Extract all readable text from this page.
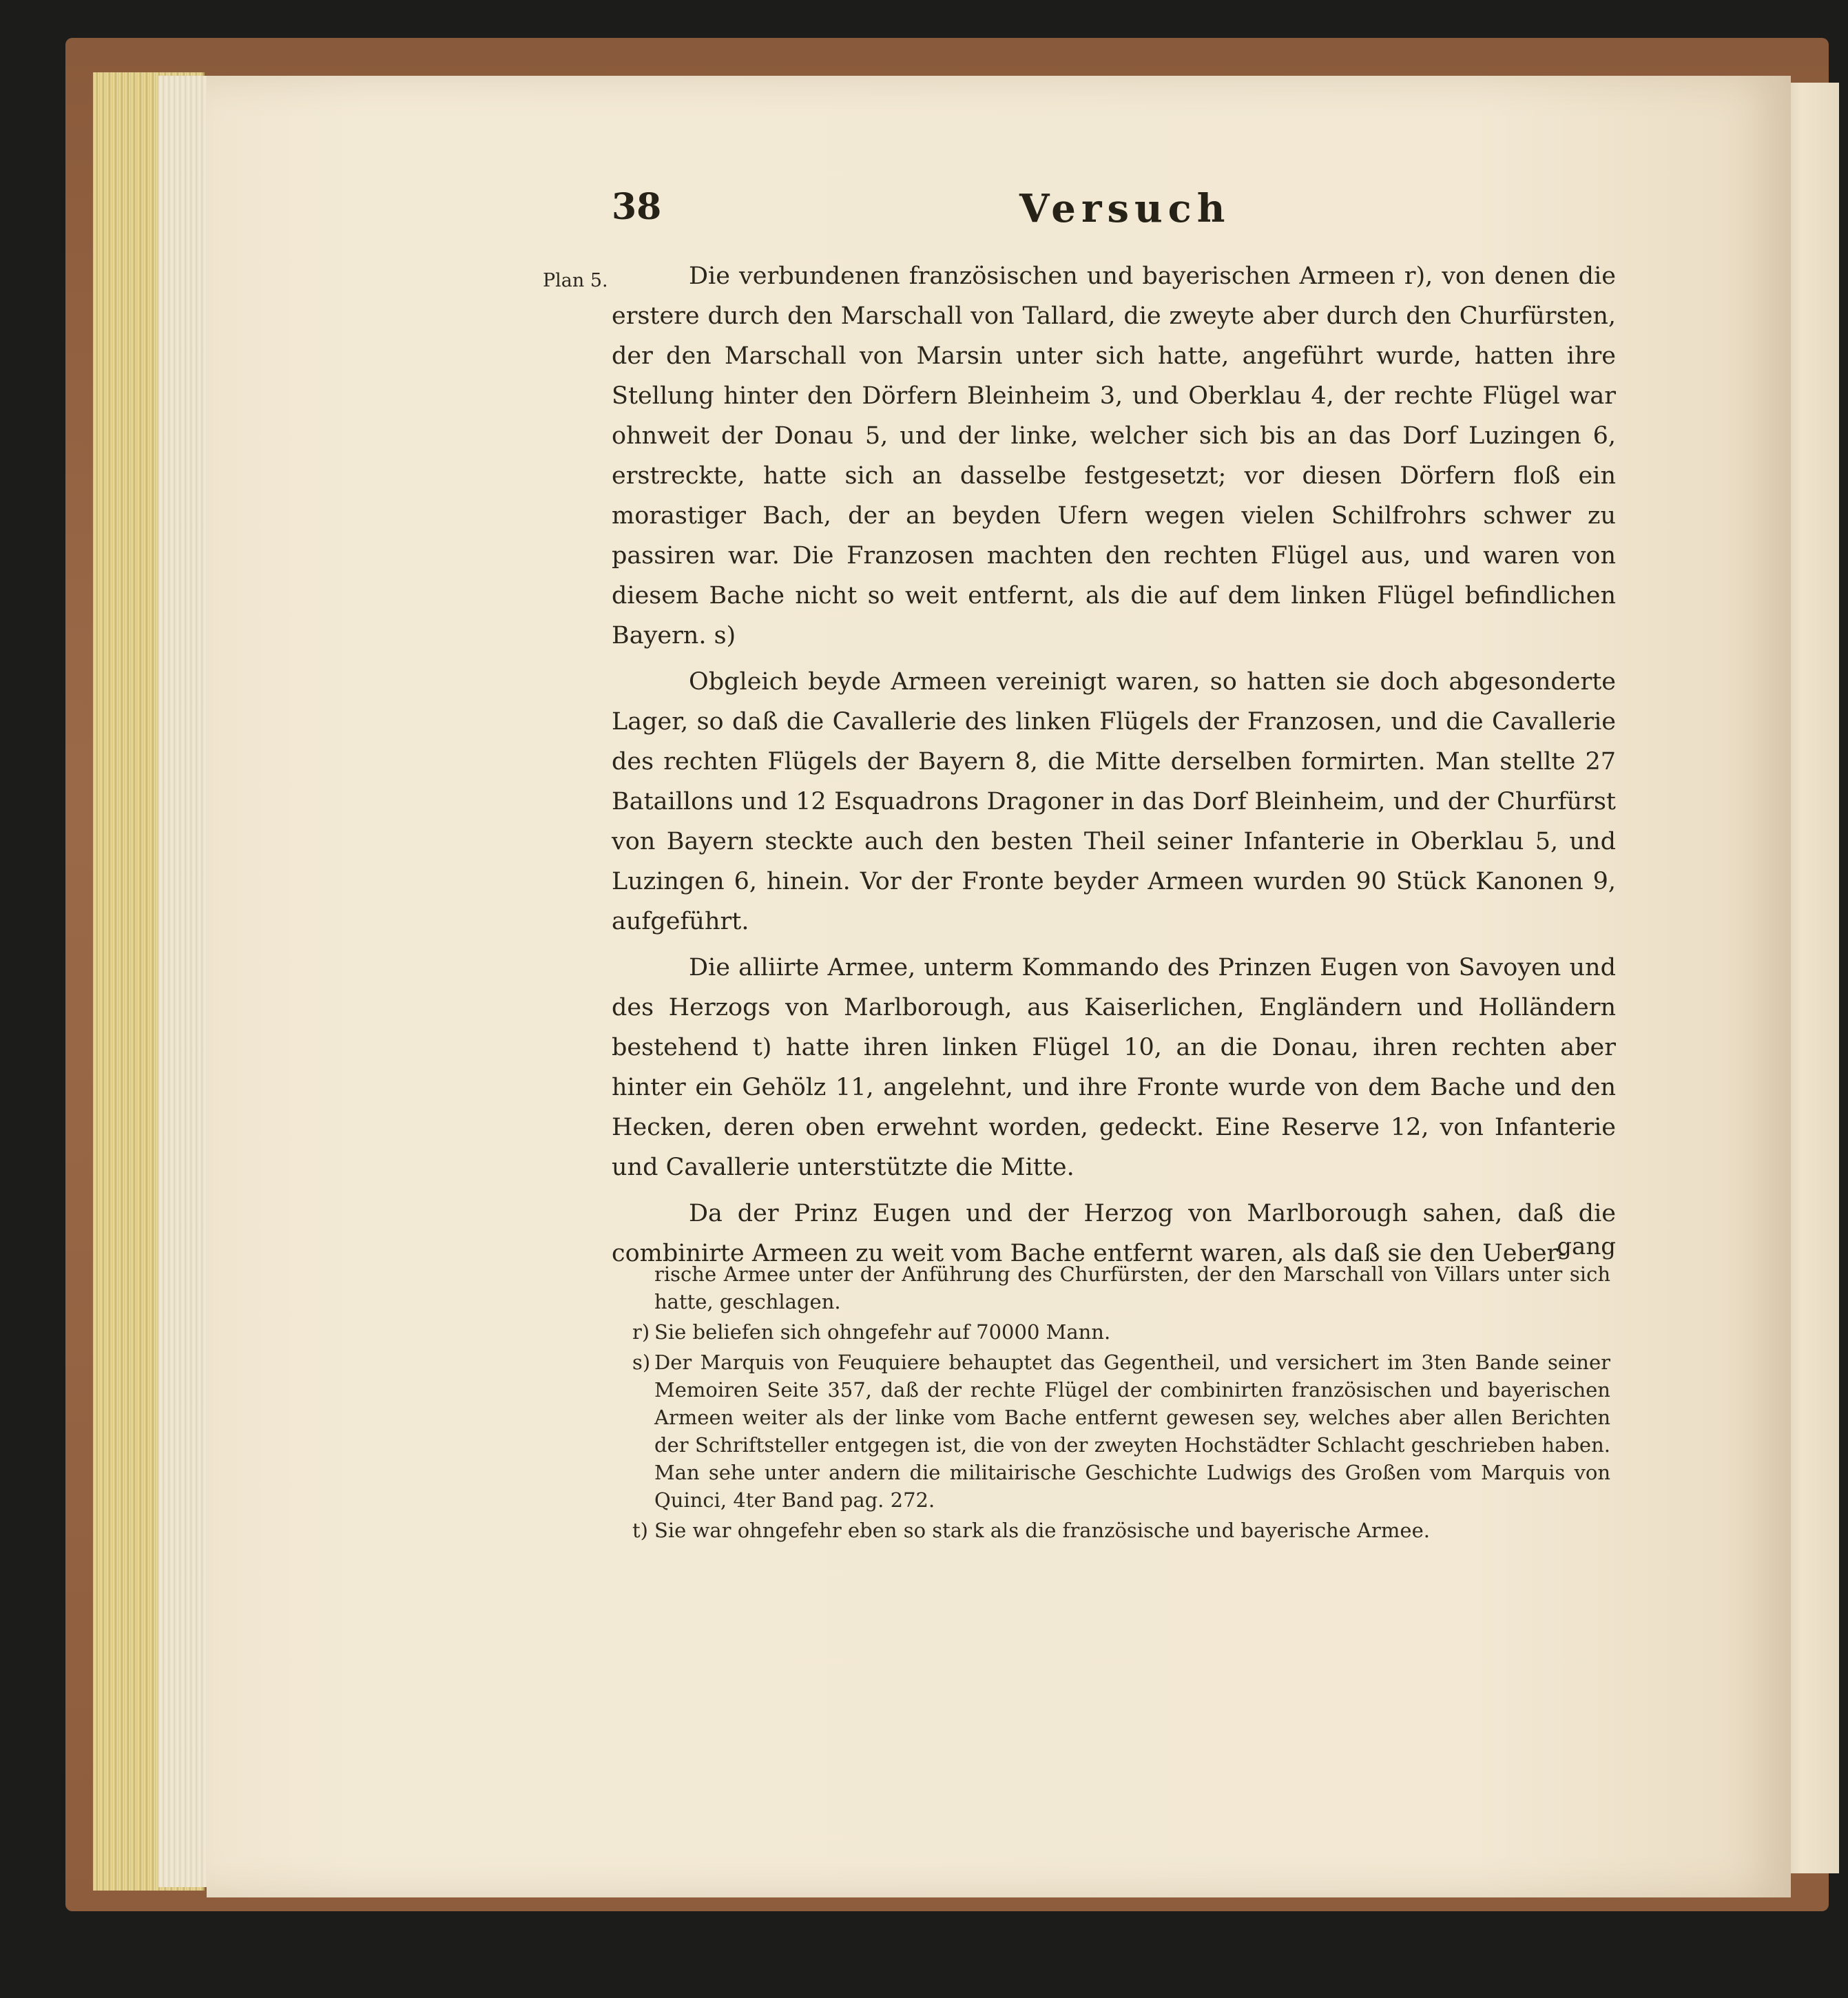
38	Versuch
Plan 5.	Die verbundenen französischen und bayerischen Armeen r), von denen die erstere durch den Marschall von Tallard, die zweyte aber durch den Churfürsten, der den Marschall von Marsin unter sich hatte, angeführt wurde, hatten ihre Stellung hinter den Dörfern Bleinheim 3, und Oberklau 4, der rechte Flügel war ohnweit der Donau 5, und der linke, welcher sich bis an das Dorf Luzingen 6, erstreckte, hatte sich an dasselbe festgesetzt; vor diesen Dörfern floß ein morastiger Bach, der an beyden Ufern wegen vielen Schilfrohrs schwer zu passiren war. Die Franzosen machten den rechten Flügel aus, und waren von diesem Bache nicht so weit entfernt, als die auf dem linken Flügel befindlichen Bayern. s)

Obgleich beyde Armeen vereinigt waren, so hatten sie doch abgesonderte Lager, so daß die Cavallerie des linken Flügels der Franzosen, und die Cavallerie des rechten Flügels der Bayern 8, die Mitte derselben formirten. Man stellte 27 Bataillons und 12 Esquadrons Dragoner in das Dorf Bleinheim, und der Churfürst von Bayern steckte auch den besten Theil seiner Infanterie in Oberklau 5, und Luzingen 6, hinein. Vor der Fronte beyder Armeen wurden 90 Stück Kanonen 9, aufgeführt.

Die alliirte Armee, unterm Kommando des Prinzen Eugen von Savoyen und des Herzogs von Marlborough, aus Kaiserlichen, Engländern und Holländern bestehend t) hatte ihren linken Flügel 10, an die Donau, ihren rechten aber hinter ein Gehölz 11, angelehnt, und ihre Fronte wurde von dem Bache und den Hecken, deren oben erwehnt worden, gedeckt. Eine Reserve 12, von Infanterie und Cavallerie unterstützte die Mitte.

Da der Prinz Eugen und der Herzog von Marlborough sahen, daß die combinirte Armeen zu weit vom Bache entfernt waren, als daß sie den Ueber-

gang
rische Armee unter der Anführung des Churfürsten, der den Marschall von Villars unter sich hatte, geschlagen.
r) Sie beliefen sich ohngefehr auf 70000 Mann.
s) Der Marquis von Feuquiere behauptet das Gegentheil, und versichert im 3ten Bande seiner Memoiren Seite 357, daß der rechte Flügel der combinirten französischen und bayerischen Armeen weiter als der linke vom Bache entfernt gewesen sey, welches aber allen Berichten der Schriftsteller entgegen ist, die von der zweyten Hochstädter Schlacht geschrieben haben. Man sehe unter andern die militairische Geschichte Ludwigs des Großen vom Marquis von Quinci, 4ter Band pag. 272.
t) Sie war ohngefehr eben so stark als die französische und bayerische Armee.
